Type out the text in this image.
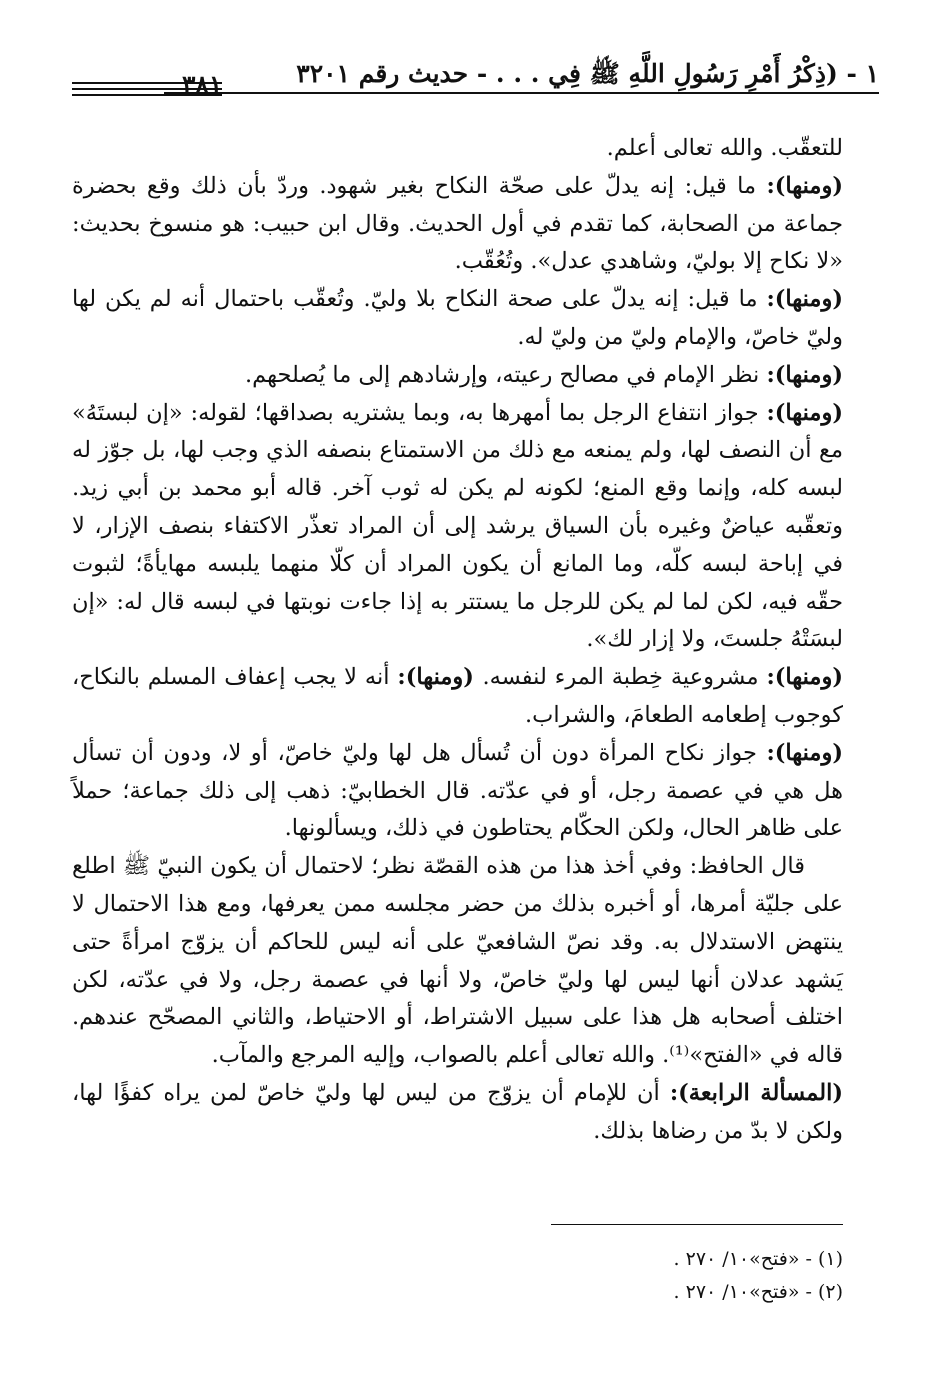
١ - (ذِكْرُ أَمْرِ رَسُولِ اللَّهِ ﷺ فِي . . . - حديث رقم ٣٢٠١
٣٨١

للتعقّب. والله تعالى أعلم.

(ومنها): ما قيل: إنه يدلّ على صحّة النكاح بغير شهود. وردّ بأن ذلك وقع بحضرة جماعة من الصحابة، كما تقدم في أول الحديث. وقال ابن حبيب: هو منسوخ بحديث: «لا نكاح إلا بوليّ، وشاهدي عدل». وتُعُقّب.

(ومنها): ما قيل: إنه يدلّ على صحة النكاح بلا وليّ. وتُعقّب باحتمال أنه لم يكن لها وليّ خاصّ، والإمام وليّ من وليّ له.

(ومنها): نظر الإمام في مصالح رعيته، وإرشادهم إلى ما يُصلحهم.

(ومنها): جواز انتفاع الرجل بما أمهرها به، وبما يشتريه بصداقها؛ لقوله: «إن لبستَهُ» مع أن النصف لها، ولم يمنعه مع ذلك من الاستمتاع بنصفه الذي وجب لها، بل جوّز له لبسه كله، وإنما وقع المنع؛ لكونه لم يكن له ثوب آخر. قاله أبو محمد بن أبي زيد. وتعقّبه عياضٌ وغيره بأن السياق يرشد إلى أن المراد تعذّر الاكتفاء بنصف الإزار، لا في إباحة لبسه كلّه، وما المانع أن يكون المراد أن كلّا منهما يلبسه مهايأةً؛ لثبوت حقّه فيه، لكن لما لم يكن للرجل ما يستتر به إذا جاءت نوبتها في لبسه قال له: «إن لبسَتْهُ جلستَ، ولا إزار لك».

(ومنها): مشروعية خِطبة المرء لنفسه. (ومنها): أنه لا يجب إعفاف المسلم بالنكاح، كوجوب إطعامه الطعامَ، والشراب.

(ومنها): جواز نكاح المرأة دون أن تُسأل هل لها وليّ خاصّ، أو لا، ودون أن تسأل هل هي في عصمة رجل، أو في عدّته. قال الخطابيّ: ذهب إلى ذلك جماعة؛ حملاً على ظاهر الحال، ولكن الحكّام يحتاطون في ذلك، ويسألونها.

قال الحافظ: وفي أخذ هذا من هذه القصّة نظر؛ لاحتمال أن يكون النبيّ ﷺ اطلع على جليّة أمرها، أو أخبره بذلك من حضر مجلسه ممن يعرفها، ومع هذا الاحتمال لا ينتهض الاستدلال به. وقد نصّ الشافعيّ على أنه ليس للحاكم أن يزوّج امرأةً حتى يَشهد عدلان أنها ليس لها وليّ خاصّ، ولا أنها في عصمة رجل، ولا في عدّته، لكن اختلف أصحابه هل هذا على سبيل الاشتراط، أو الاحتياط، والثاني المصحّح عندهم. قاله في «الفتح»⁽¹⁾. والله تعالى أعلم بالصواب، وإليه المرجع والمآب.

(المسألة الرابعة): أن للإمام أن يزوّج من ليس لها وليّ خاصّ لمن يراه كفؤًا لها، ولكن لا بدّ من رضاها بذلك.

(١) - «فتح»١٠/ ٢٧٠ .

(٢) - «فتح»١٠/ ٢٧٠ .
